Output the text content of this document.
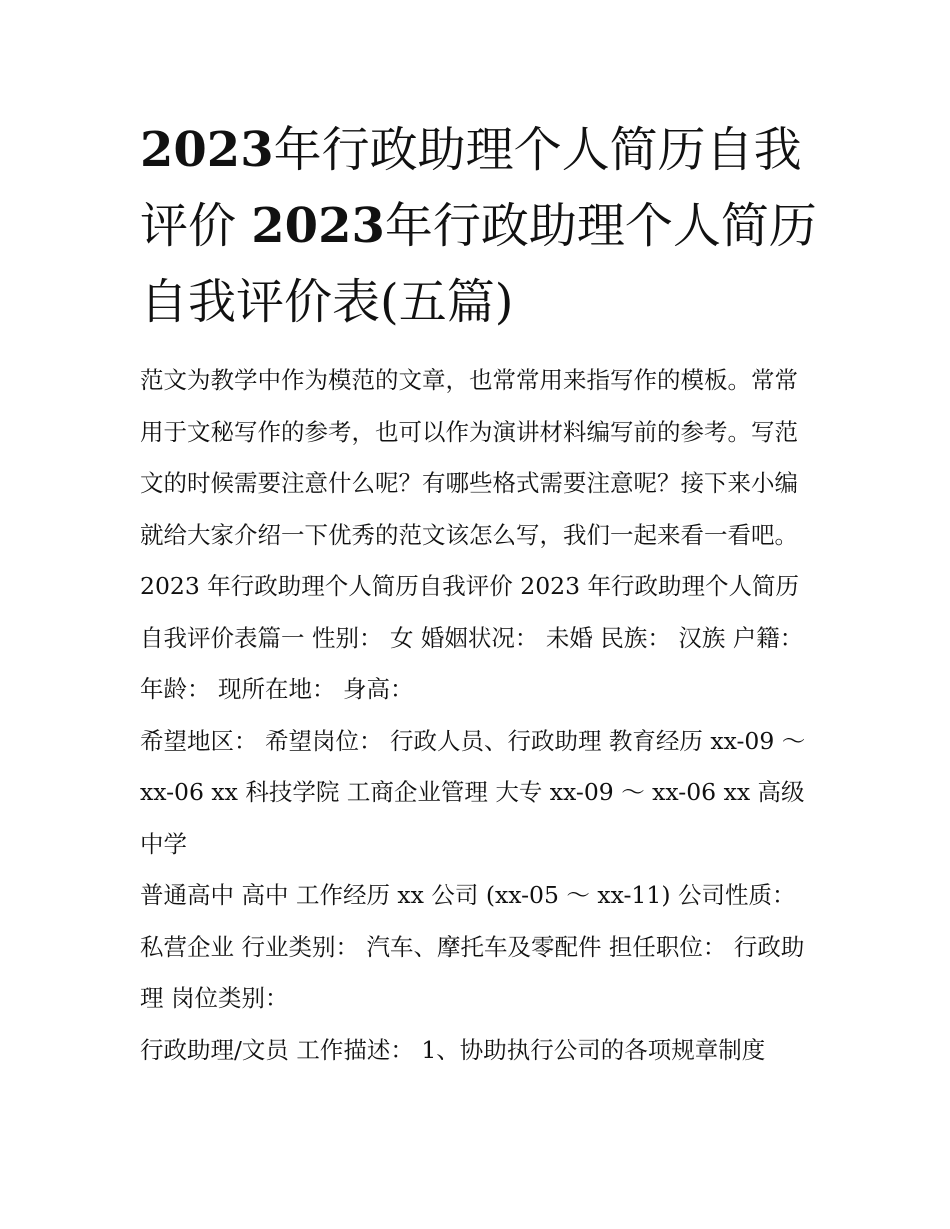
2023年行政助理个人简历自我评价 2023年行政助理个人简历自我评价表(五篇)

范文为教学中作为模范的文章，也常常用来指写作的模板。常常用于文秘写作的参考，也可以作为演讲材料编写前的参考。写范文的时候需要注意什么呢？有哪些格式需要注意呢？接下来小编就给大家介绍一下优秀的范文该怎么写，我们一起来看一看吧。

2023 年行政助理个人简历自我评价 2023 年行政助理个人简历自我评价表篇一 性别： 女 婚姻状况： 未婚 民族： 汉族 户籍： 年龄： 现所在地： 身高：

希望地区： 希望岗位： 行政人员、行政助理 教育经历 xx-09 ～ xx-06 xx 科技学院 工商企业管理 大专 xx-09 ～ xx-06 xx 高级中学

普通高中 高中 工作经历 xx 公司 (xx-05 ～ xx-11) 公司性质： 私营企业 行业类别： 汽车、摩托车及零配件 担任职位： 行政助理 岗位类别：

行政助理/文员 工作描述： 1、协助执行公司的各项规章制度
